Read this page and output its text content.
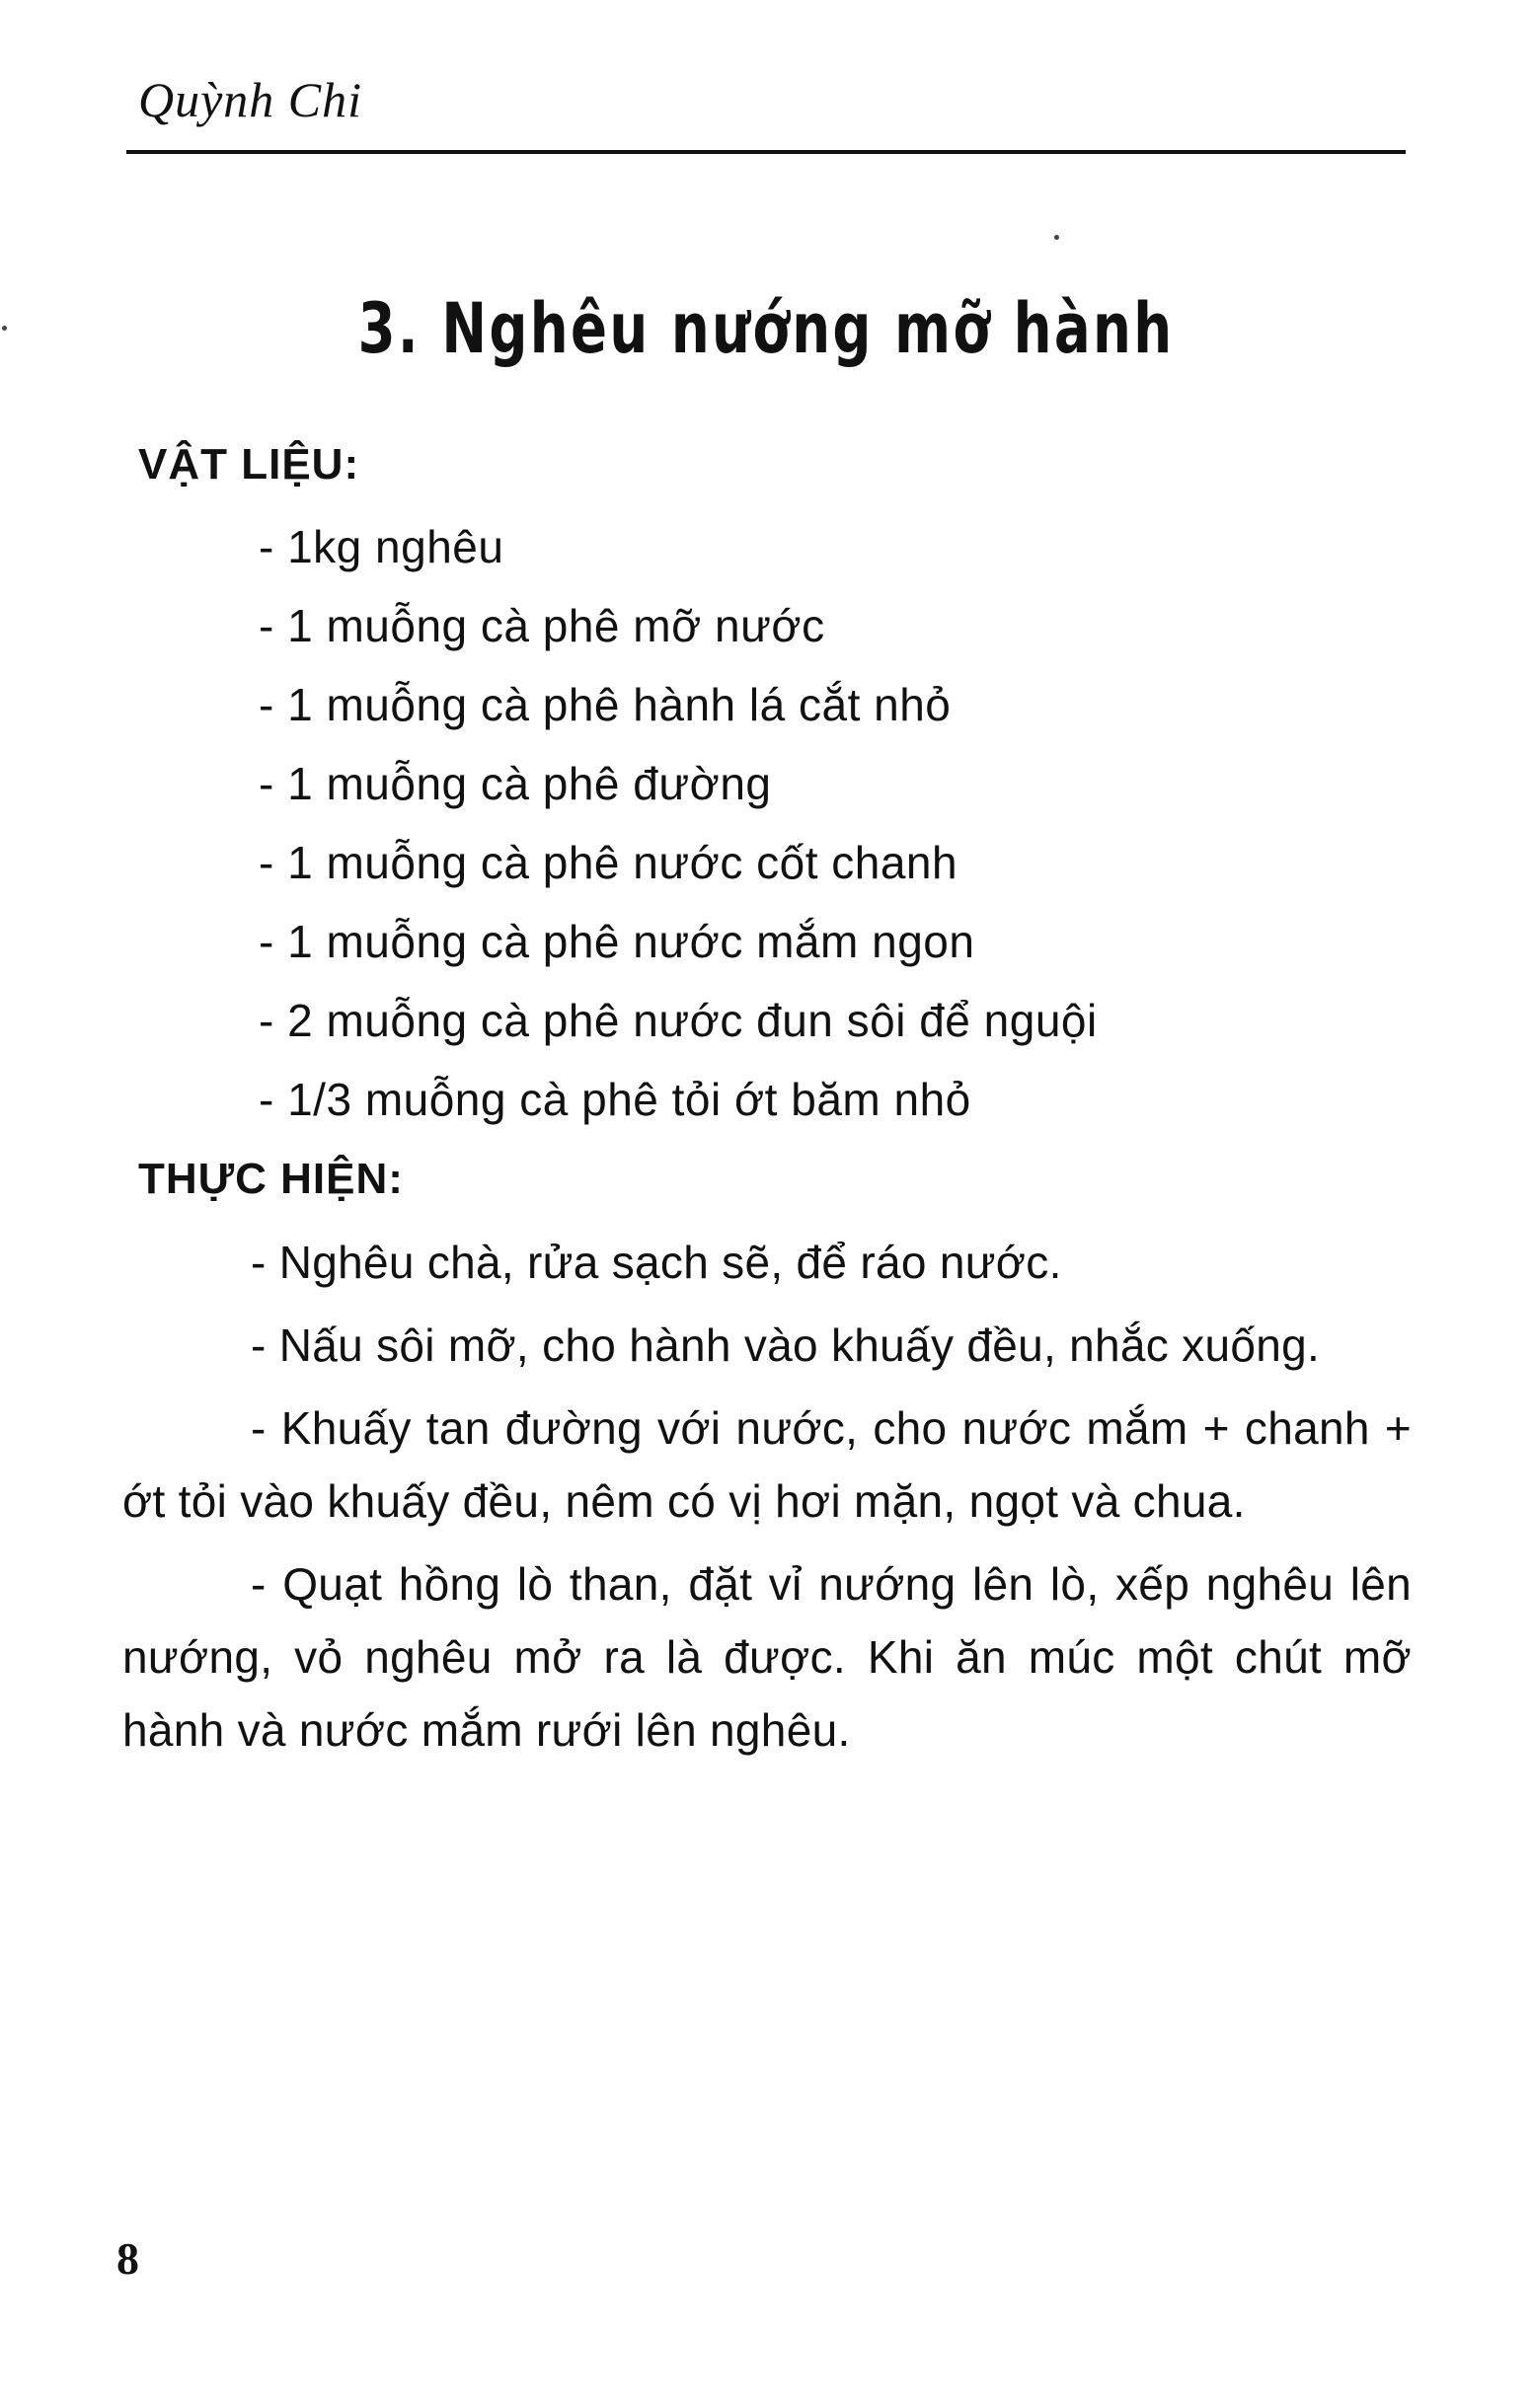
Quỳnh Chi
3. Nghêu nướng mỡ hành
VẬT LIỆU:
- 1kg nghêu
- 1 muỗng cà phê mỡ nước
- 1 muỗng cà phê hành lá cắt nhỏ
- 1 muỗng cà phê đường
- 1 muỗng cà phê nước cốt chanh
- 1 muỗng cà phê nước mắm ngon
- 2 muỗng cà phê nước đun sôi để nguội
- 1/3 muỗng cà phê tỏi ớt băm nhỏ
THỰC HIỆN:

- Nghêu chà, rửa sạch sẽ, để ráo nước.

- Nấu sôi mỡ, cho hành vào khuấy đều, nhắc xuống.

- Khuấy tan đường với nước, cho nước mắm + chanh + ớt tỏi vào khuấy đều, nêm có vị hơi mặn, ngọt và chua.

- Quạt hồng lò than, đặt vỉ nướng lên lò, xếp nghêu lên nướng, vỏ nghêu mở ra là được. Khi ăn múc một chút mỡ hành và nước mắm rưới lên nghêu.

8
